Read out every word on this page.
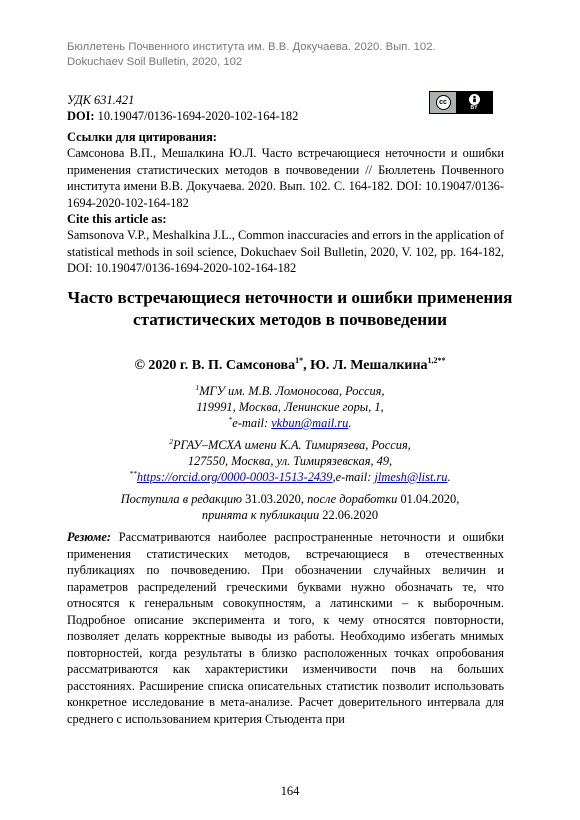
Бюллетень Почвенного института им. В.В. Докучаева. 2020. Вып. 102.
Dokuchaev Soil Bulletin, 2020, 102
УДК 631.421
DOI: 10.19047/0136-1694-2020-102-164-182
cc
BY
Ссылки для цитирования:
Самсонова В.П., Мешалкина Ю.Л. Часто встречающиеся неточности и ошибки применения статистических методов в почвоведении // Бюллетень Почвенного института имени В.В. Докучаева. 2020. Вып. 102. С. 164-182. DOI: 10.19047/0136-1694-2020-102-164-182
Cite this article as:
Samsonova V.P., Meshalkina J.L., Common inaccuracies and errors in the application of statistical methods in soil science, Dokuchaev Soil Bulletin, 2020, V. 102, pp. 164-182, DOI: 10.19047/0136-1694-2020-102-164-182
Часто встречающиеся неточности и ошибки применения статистических методов в почвоведении
© 2020 г. В. П. Самсонова$^{1*}$, Ю. Л. Мешалкина$^{1,2**}$
$^1$МГУ им. М.В. Ломоносова, Россия,
119991, Москва, Ленинские горы, 1,
*e-mail: vkbun@mail.ru.
$^2$РГАУ–МСХА имени К.А. Тимирязева, Россия,
127550, Москва, ул. Тимирязевская, 49,
**https://orcid.org/0000-0003-1513-2439,e-mail: jlmesh@list.ru.
Поступила в редакцию 31.03.2020, после доработки 01.04.2020,
принята к публикации 22.06.2020
Резюме: Рассматриваются наиболее распространенные неточности и ошибки применения статистических методов, встречающиеся в отечественных публикациях по почвоведению. При обозначении случайных величин и параметров распределений греческими буквами нужно обозначать те, что относятся к генеральным совокупностям, а латинскими – к выборочным. Подробное описание эксперимента и того, к чему относятся повторности, позволяет делать корректные выводы из работы. Необходимо избегать мнимых повторностей, когда результаты в близко расположенных точках опробования рассматриваются как характеристики изменчивости почв на больших расстояниях. Расширение списка описательных статистик позволит использовать конкретное исследование в мета-анализе. Расчет доверительного интервала для среднего с использованием критерия Стьюдента при
164
